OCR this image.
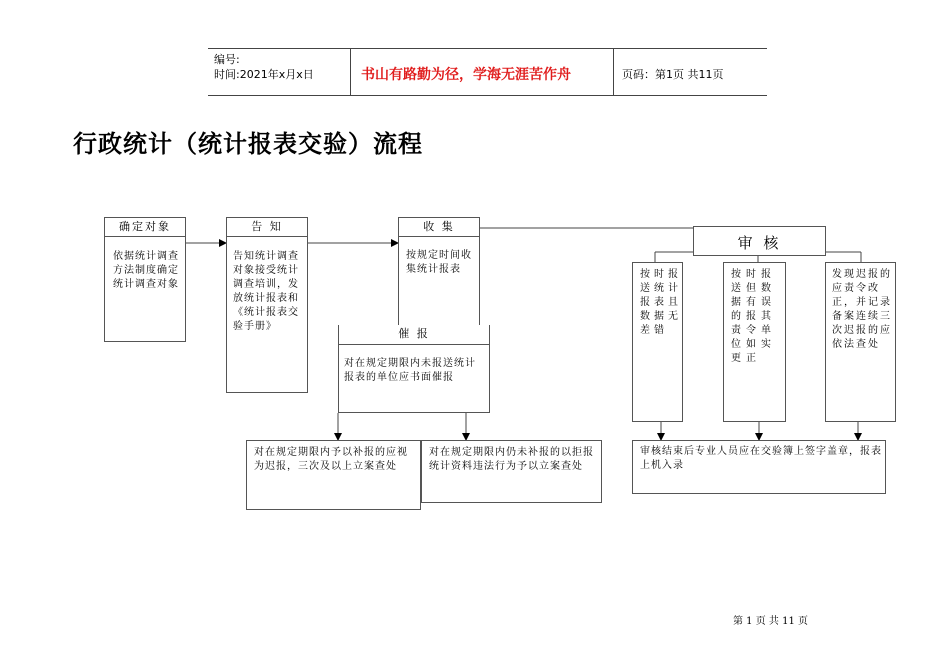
编号:
时间:2021年x月x日	书山有路勤为径，学海无涯苦作舟	页码：第1页 共11页
行政统计（统计报表交验）流程
确定对象
依据统计调查方法制度确定统计调查对象
告 知
告知统计调查对象接受统计调查培训，发放统计报表和《统计报表交验手册》
收 集
按规定时间收集统计报表
催 报
对在规定期限内未报送统计报表的单位应书面催报
对在规定期限内予以补报的应视为迟报，三次及以上立案查处
对在规定期限内仍未补报的以拒报统计资料违法行为予以立案查处
审 核
按时报送统计报表且数据无差错
按时报送但数据有误的报其责令单位如实更正
发现迟报的应责令改正，并记录备案连续三次迟报的应依法查处
审核结束后专业人员应在交验簿上签字盖章，报表上机入录
第 1 页 共 11 页
